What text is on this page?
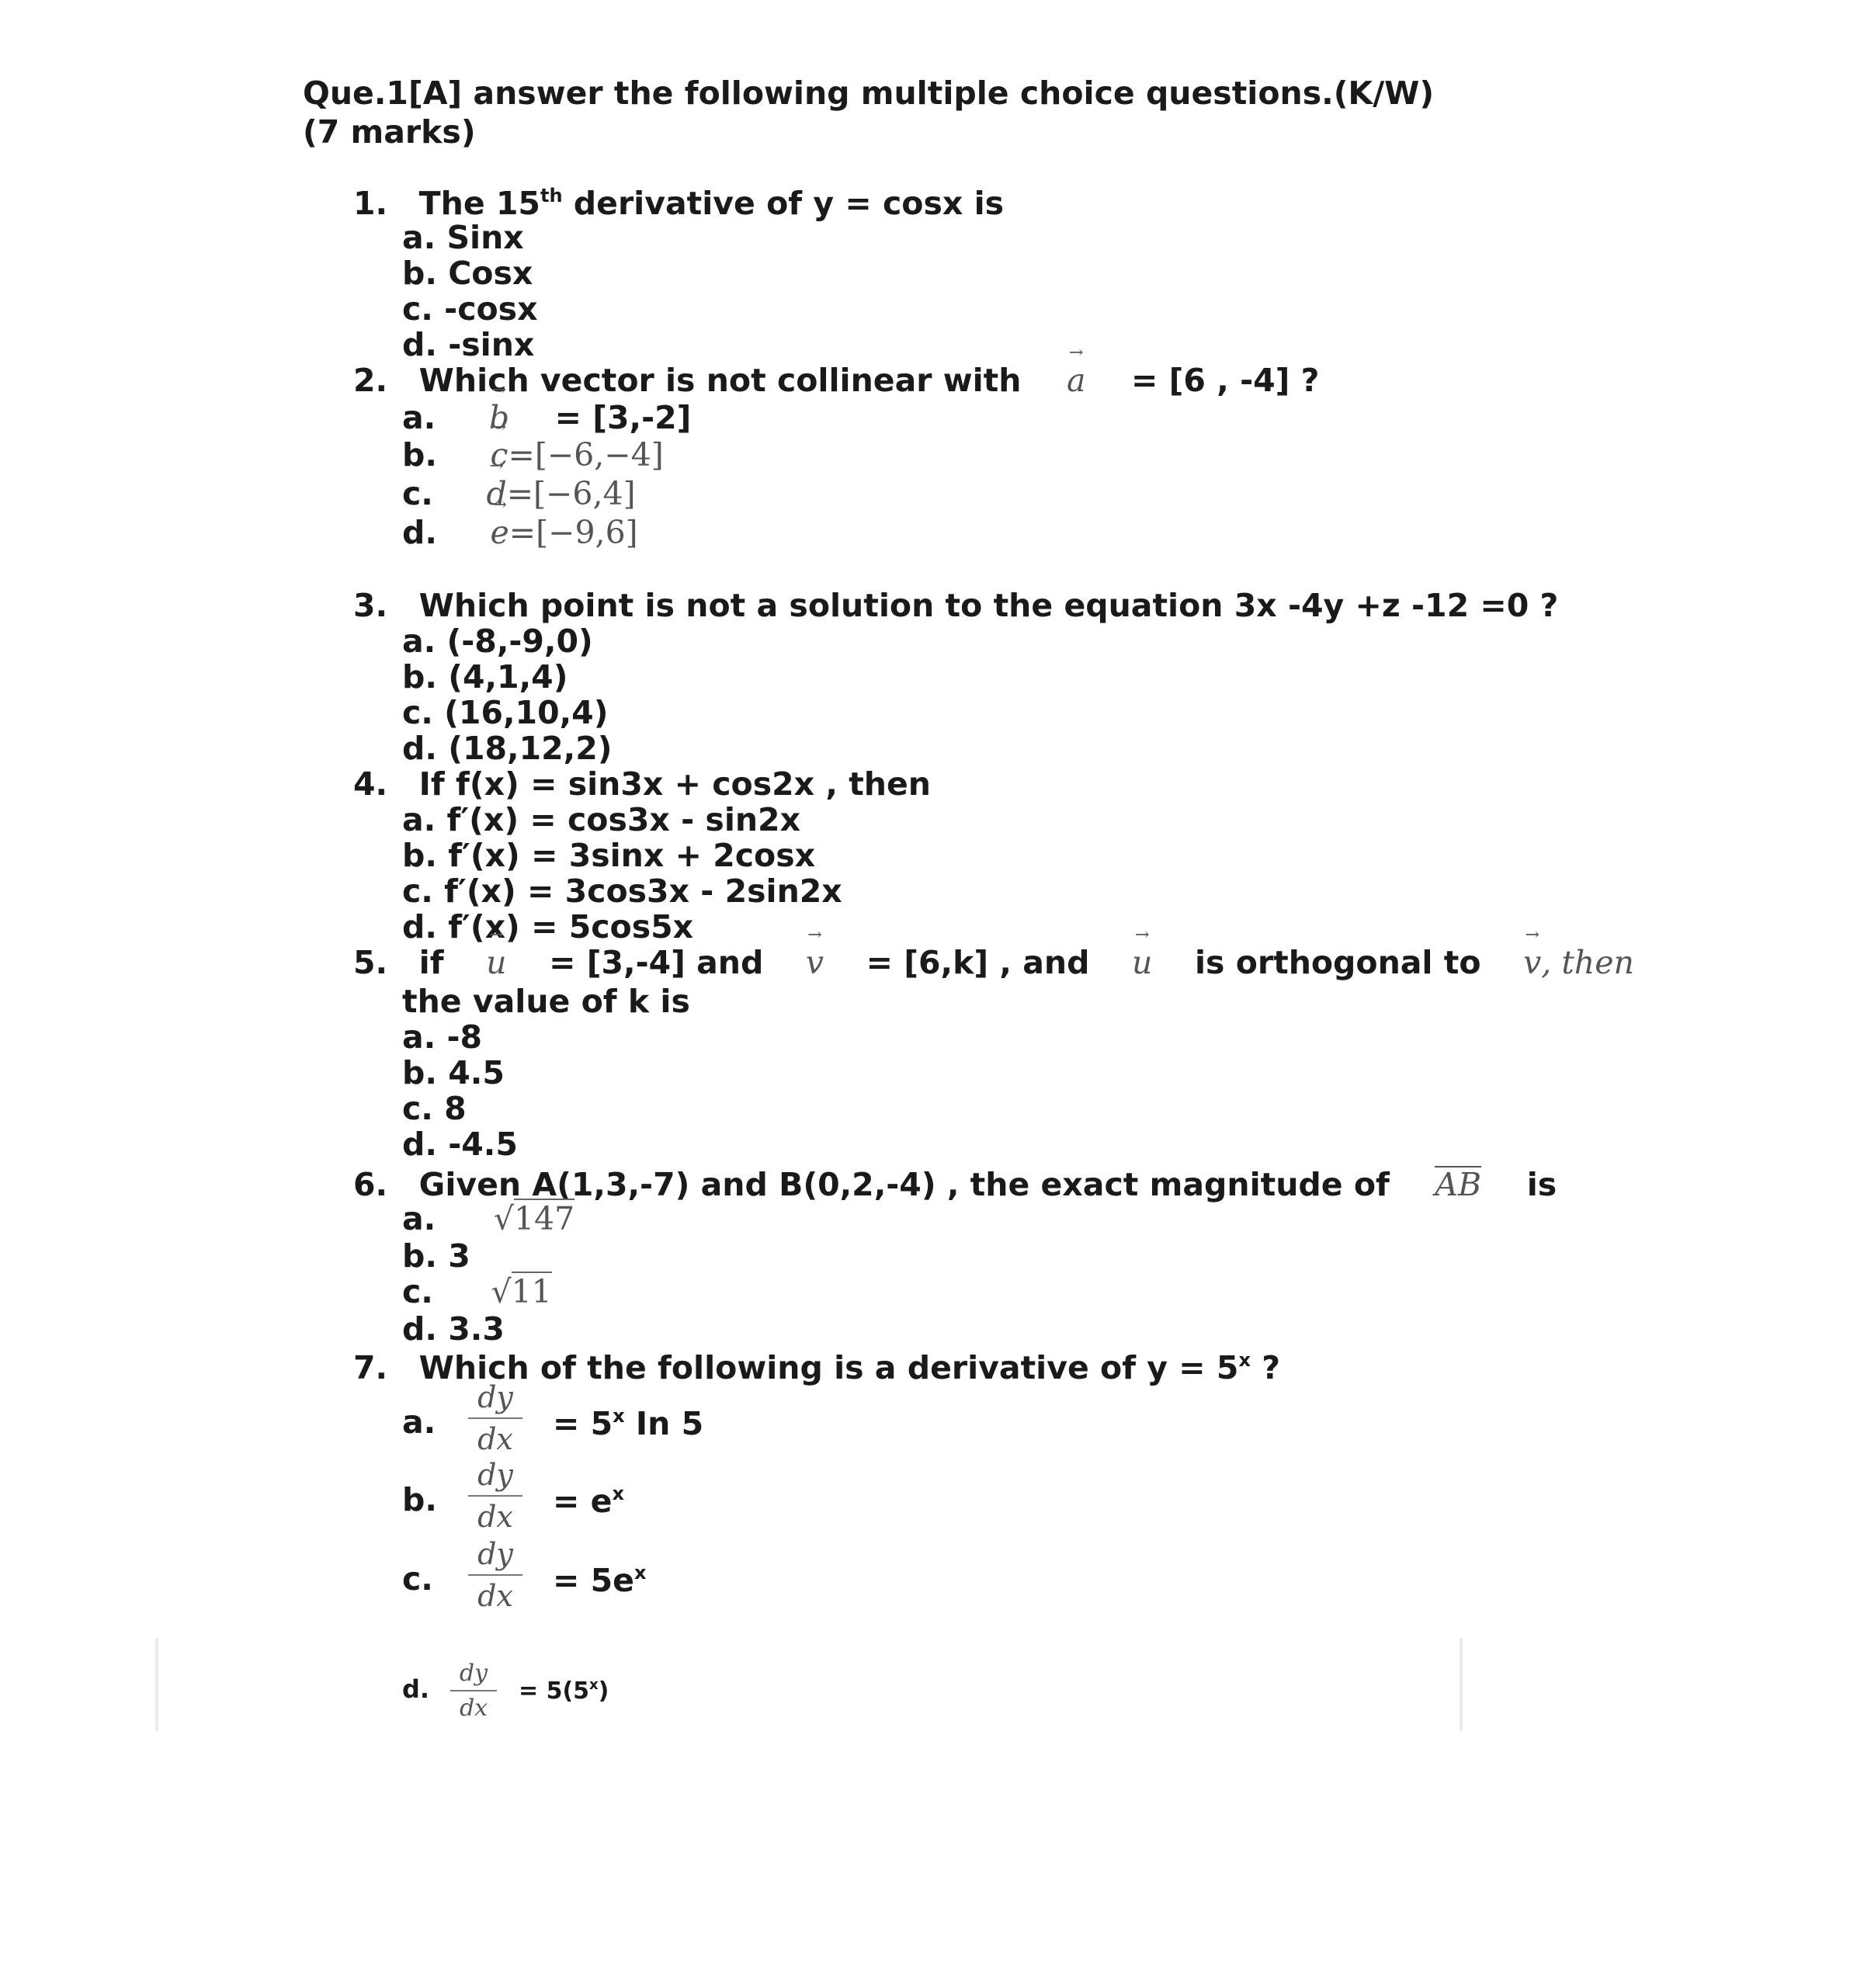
Que.1[A] answer the following multiple choice questions.(K/W)
(7 marks)
1. The 15th derivative of y = cosx is
a. Sinx
b. Cosx
c. -cosx
d. -sinx
2. Which vector is not collinear with → a = [6 , -4] ?
a. → b = [3,-2]
b. → c=[−6,−4]
c. → d=[−6,4]
d. → e=[−9,6]
3. Which point is not a solution to the equation 3x -4y +z -12 =0 ?
a. (-8,-9,0)
b. (4,1,4)
c. (16,10,4)
d. (18,12,2)
4. If f(x) = sin3x + cos2x , then
a. f′(x) = cos3x - sin2x
b. f′(x) = 3sinx + 2cosx
c. f′(x) = 3cos3x - 2sin2x
d. f′(x) = 5cos5x
5. if → u = [3,-4] and → v = [6,k] , and → u is orthogonal to → v, then
the value of k is
a. -8
b. 4.5
c. 8
d. -4.5
6. Given A(1,3,-7) and B(0,2,-4) , the exact magnitude of AB is
a. √147
b. 3
c. √11
d. 3.3
7. Which of the following is a derivative of $y = 5^x$ ?
a. $\frac{dy}{dx} = 5^x$ In 5
b. $\frac{dy}{dx} = e^x$
c. $\frac{dy}{dx} = 5e^x$
d. $\frac{dy}{dx} = 5(5^x)$
